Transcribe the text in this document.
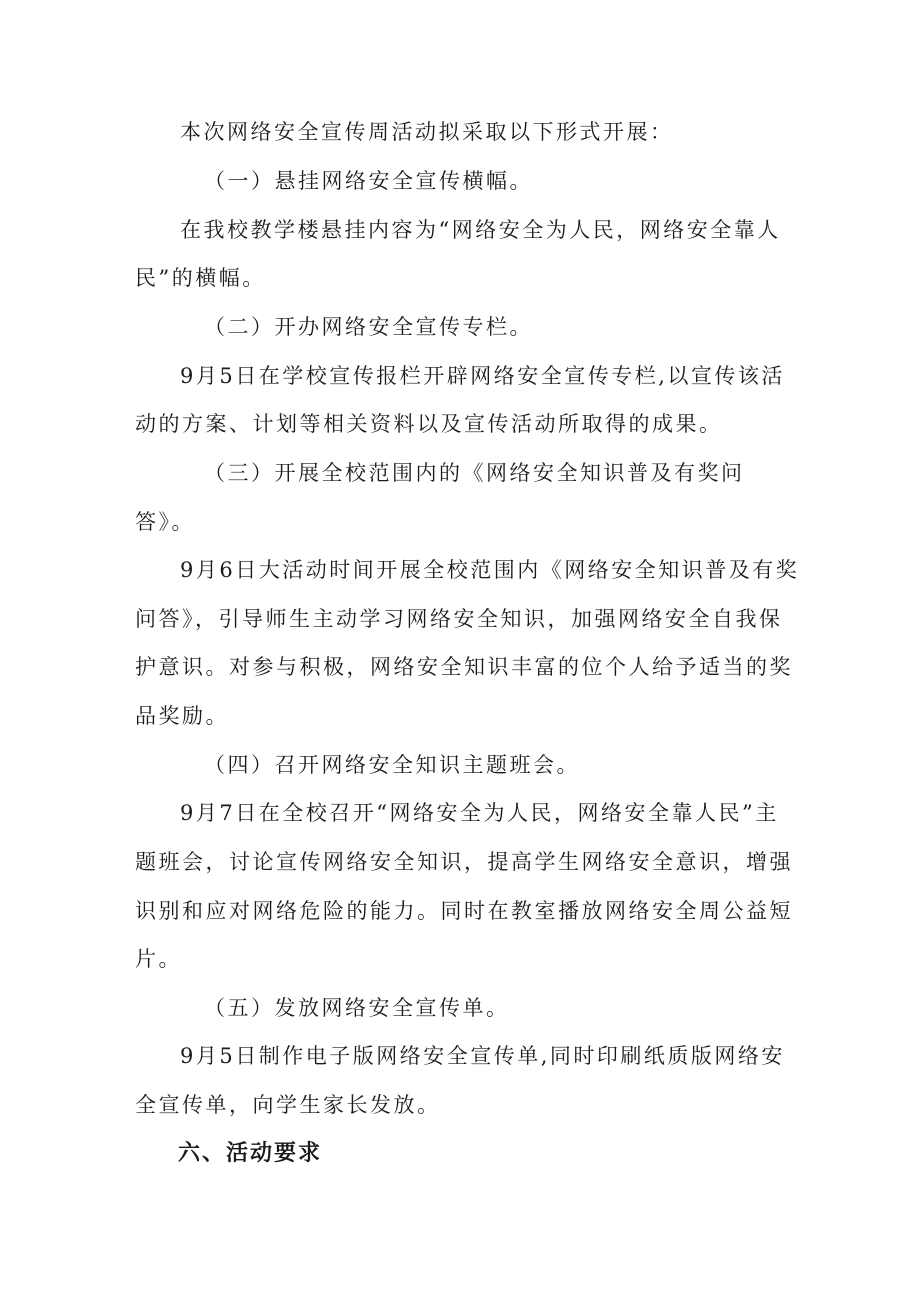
本次网络安全宣传周活动拟采取以下形式开展：
（一）悬挂网络安全宣传横幅。
在我校教学楼悬挂内容为“网络安全为人民，网络安全靠人
民”的横幅。
（二）开办网络安全宣传专栏。
9月5日在学校宣传报栏开辟网络安全宣传专栏,以宣传该活
动的方案、计划等相关资料以及宣传活动所取得的成果。
（三）开展全校范围内的《网络安全知识普及有奖问
答》。
9月6日大活动时间开展全校范围内《网络安全知识普及有奖
问答》，引导师生主动学习网络安全知识，加强网络安全自我保
护意识。对参与积极，网络安全知识丰富的位个人给予适当的奖
品奖励。
（四）召开网络安全知识主题班会。
9月7日在全校召开“网络安全为人民，网络安全靠人民”主
题班会，讨论宣传网络安全知识，提高学生网络安全意识，增强
识别和应对网络危险的能力。同时在教室播放网络安全周公益短
片。
（五）发放网络安全宣传单。
9月5日制作电子版网络安全宣传单,同时印刷纸质版网络安
全宣传单，向学生家长发放。
六、活动要求
